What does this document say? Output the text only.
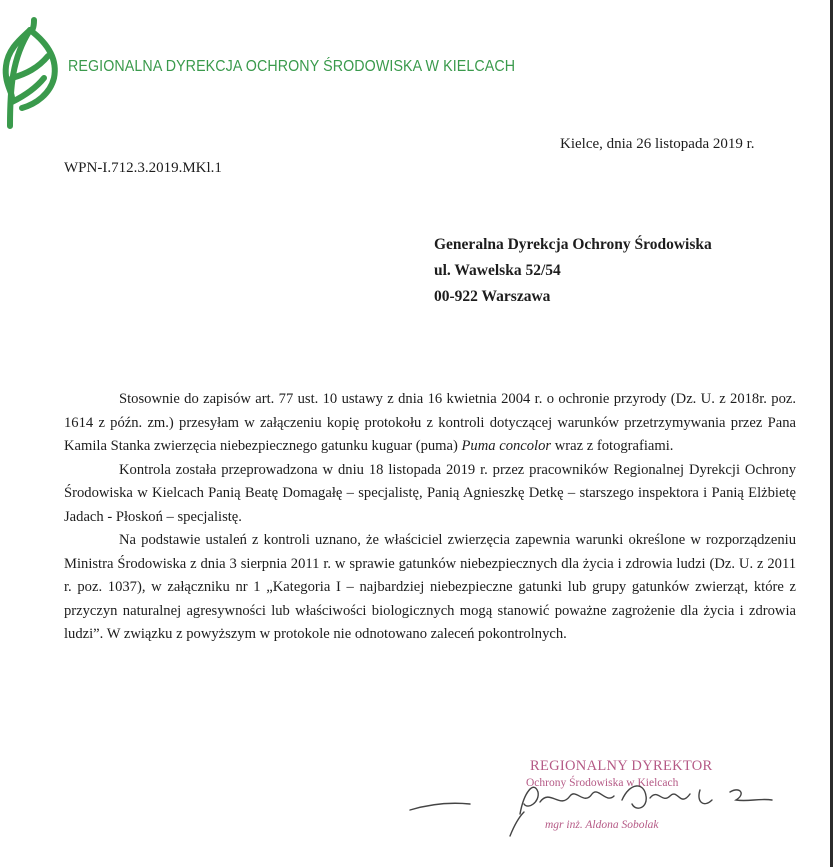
REGIONALNA DYREKCJA OCHRONY ŚRODOWISKA W KIELCACH
Kielce, dnia 26 listopada 2019 r.
WPN-I.712.3.2019.MKl.1
Generalna Dyrekcja Ochrony Środowiska
ul. Wawelska 52/54
00-922 Warszawa

Stosownie do zapisów art. 77 ust. 10 ustawy z dnia 16 kwietnia 2004 r. o ochronie przyrody (Dz. U. z 2018r. poz. 1614 z późn. zm.) przesyłam w załączeniu kopię protokołu z kontroli dotyczącej warunków przetrzymywania przez Pana Kamila Stanka zwierzęcia niebezpiecznego gatunku kuguar (puma) Puma concolor wraz z fotografiami.

Kontrola została przeprowadzona w dniu 18 listopada 2019 r. przez pracowników Regionalnej Dyrekcji Ochrony Środowiska w Kielcach Panią Beatę Domagałę – specjalistę, Panią Agnieszkę Detkę – starszego inspektora i Panią Elżbietę Jadach - Płoskoń – specjalistę.

Na podstawie ustaleń z kontroli uznano, że właściciel zwierzęcia zapewnia warunki określone w rozporządzeniu Ministra Środowiska z dnia 3 sierpnia 2011 r. w sprawie gatunków niebezpiecznych dla życia i zdrowia ludzi (Dz. U. z 2011 r. poz. 1037), w załączniku nr 1 „Kategoria I – najbardziej niebezpieczne gatunki lub grupy gatunków zwierząt, które z przyczyn naturalnej agresywności lub właściwości biologicznych mogą stanowić poważne zagrożenie dla życia i zdrowia ludzi”. W związku z powyższym w protokole nie odnotowano zaleceń pokontrolnych.

REGIONALNY DYREKTOR
Ochrony Środowiska w Kielcach
mgr inż. Aldona Sobolak
